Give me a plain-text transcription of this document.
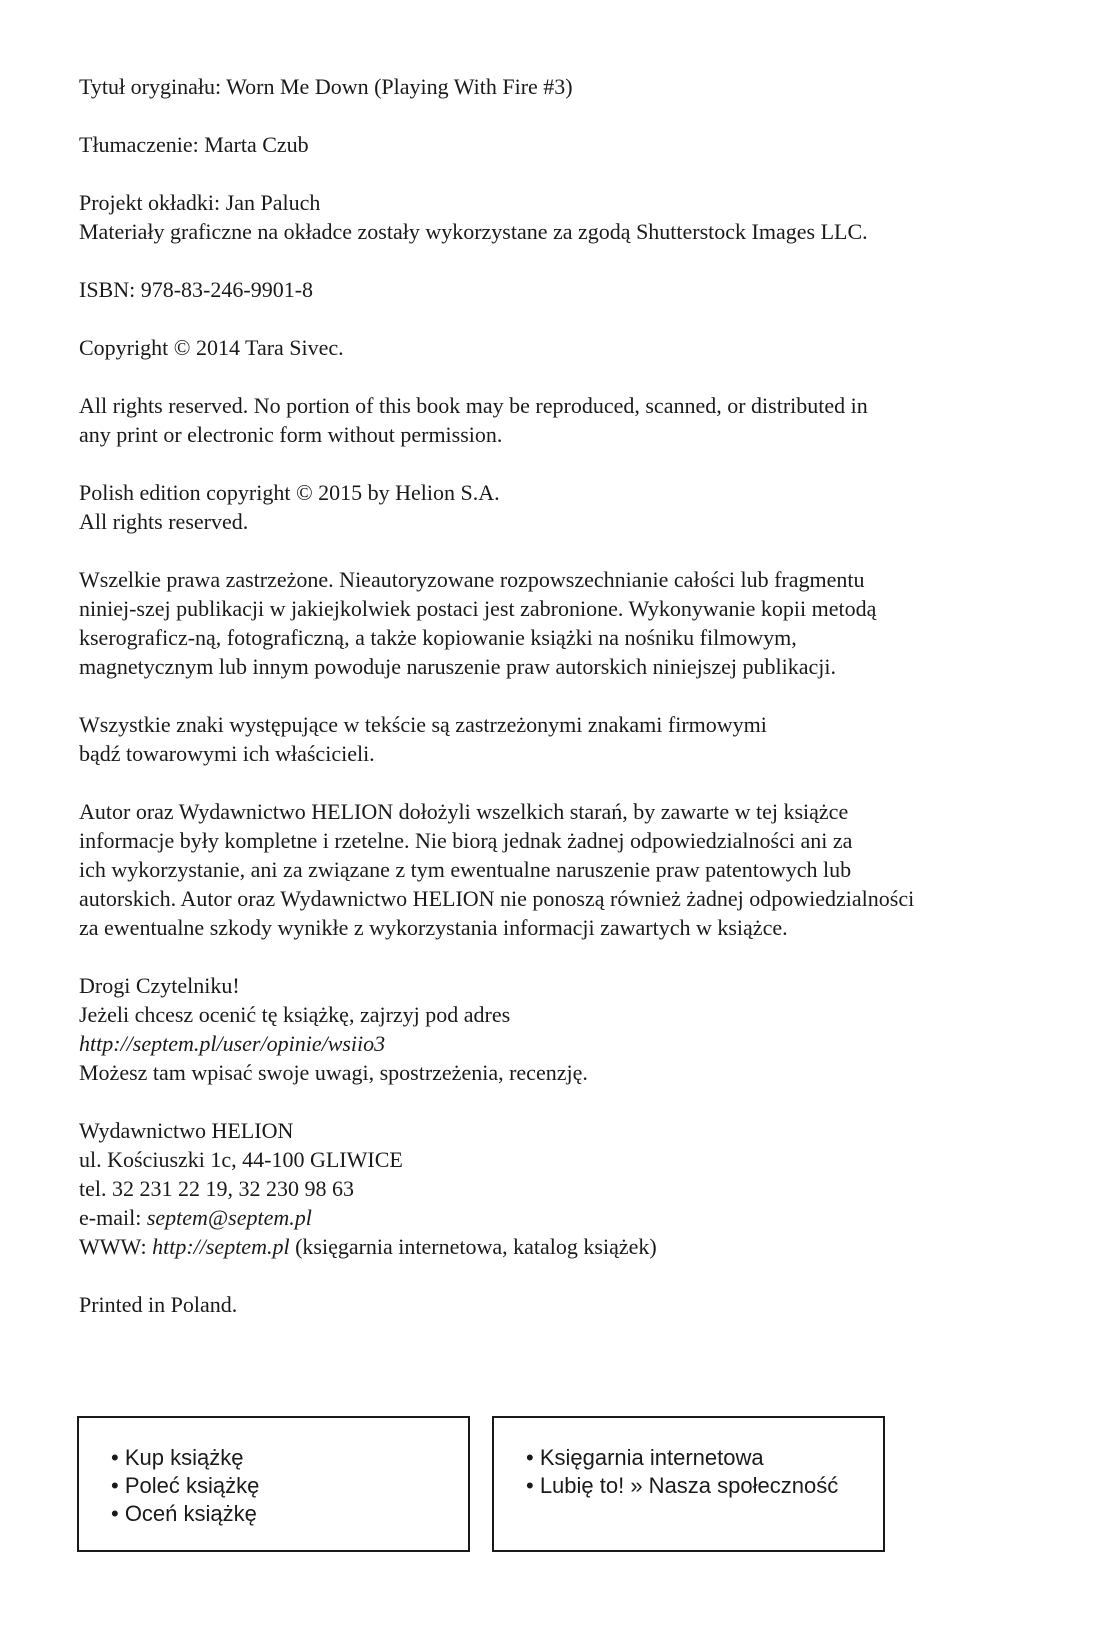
Tytuł oryginału: Worn Me Down (Playing With Fire #3)

Tłumaczenie: Marta Czub

Projekt okładki: Jan Paluch
Materiały graficzne na okładce zostały wykorzystane za zgodą Shutterstock Images LLC.

ISBN: 978-83-246-9901-8

Copyright © 2014 Tara Sivec.

All rights reserved. No portion of this book may be reproduced, scanned, or distributed in
any print or electronic form without permission.

Polish edition copyright © 2015 by Helion S.A.
All rights reserved.

Wszelkie prawa zastrzeżone. Nieautoryzowane rozpowszechnianie całości lub fragmentu
niniej-szej publikacji w jakiejkolwiek postaci jest zabronione. Wykonywanie kopii metodą
kserograficz-ną, fotograficzną, a także kopiowanie książki na nośniku filmowym,
magnetycznym lub innym powoduje naruszenie praw autorskich niniejszej publikacji.

Wszystkie znaki występujące w tekście są zastrzeżonymi znakami firmowymi
bądź towarowymi ich właścicieli.

Autor oraz Wydawnictwo HELION dołożyli wszelkich starań, by zawarte w tej książce
informacje były kompletne i rzetelne. Nie biorą jednak żadnej odpowiedzialności ani za
ich wykorzystanie, ani za związane z tym ewentualne naruszenie praw patentowych lub
autorskich. Autor oraz Wydawnictwo HELION nie ponoszą również żadnej odpowiedzialności
za ewentualne szkody wynikłe z wykorzystania informacji zawartych w książce.

Drogi Czytelniku!
Jeżeli chcesz ocenić tę książkę, zajrzyj pod adres
http://septem.pl/user/opinie/wsiio3
Możesz tam wpisać swoje uwagi, spostrzeżenia, recenzję.

Wydawnictwo HELION
ul. Kościuszki 1c, 44-100 GLIWICE
tel. 32 231 22 19, 32 230 98 63
e-mail: septem@septem.pl
WWW: http://septem.pl (księgarnia internetowa, katalog książek)

Printed in Poland.

• Kup książkę
• Poleć książkę
• Oceń książkę
• Księgarnia internetowa
• Lubię to! » Nasza społeczność
